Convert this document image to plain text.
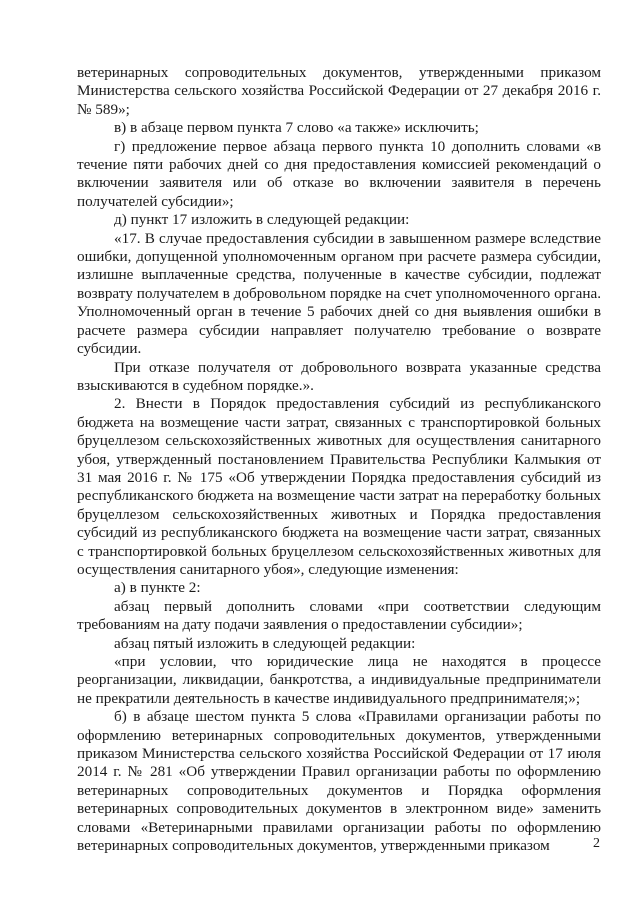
ветеринарных сопроводительных документов, утвержденными приказом Министерства сельского хозяйства Российской Федерации от 27 декабря 2016 г. № 589»;

в) в абзаце первом пункта 7 слово «а также» исключить;

г) предложение первое абзаца первого пункта 10 дополнить словами «в течение пяти рабочих дней со дня предоставления комиссией рекомендаций о включении заявителя или об отказе во включении заявителя в перечень получателей субсидии»;

д) пункт 17 изложить в следующей редакции:

«17. В случае предоставления субсидии в завышенном размере вследствие ошибки, допущенной уполномоченным органом при расчете размера субсидии, излишне выплаченные средства, полученные в качестве субсидии, подлежат возврату получателем в добровольном порядке на счет уполномоченного органа. Уполномоченный орган в течение 5 рабочих дней со дня выявления ошибки в расчете размера субсидии направляет получателю требование о возврате субсидии.

При отказе получателя от добровольного возврата указанные средства взыскиваются в судебном порядке.».

2. Внести в Порядок предоставления субсидий из республиканского бюджета на возмещение части затрат, связанных с транспортировкой больных бруцеллезом сельскохозяйственных животных для осуществления санитарного убоя, утвержденный постановлением Правительства Республики Калмыкия от 31 мая 2016 г. № 175 «Об утверждении Порядка предоставления субсидий из республиканского бюджета на возмещение части затрат на переработку больных бруцеллезом сельскохозяйственных животных и Порядка предоставления субсидий из республиканского бюджета на возмещение части затрат, связанных с транспортировкой больных бруцеллезом сельскохозяйственных животных для осуществления санитарного убоя», следующие изменения:

а) в пункте 2:

абзац первый дополнить словами «при соответствии следующим требованиям на дату подачи заявления о предоставлении субсидии»;

абзац пятый изложить в следующей редакции:

«при условии, что юридические лица не находятся в процессе реорганизации, ликвидации, банкротства, а индивидуальные предприниматели не прекратили деятельность в качестве индивидуального предпринимателя;»;

б) в абзаце шестом пункта 5 слова «Правилами организации работы по оформлению ветеринарных сопроводительных документов, утвержденными приказом Министерства сельского хозяйства Российской Федерации от 17 июля 2014 г. № 281 «Об утверждении Правил организации работы по оформлению ветеринарных сопроводительных документов и Порядка оформления ветеринарных сопроводительных документов в электронном виде» заменить словами «Ветеринарными правилами организации работы по оформлению ветеринарных сопроводительных документов, утвержденными приказом	2
